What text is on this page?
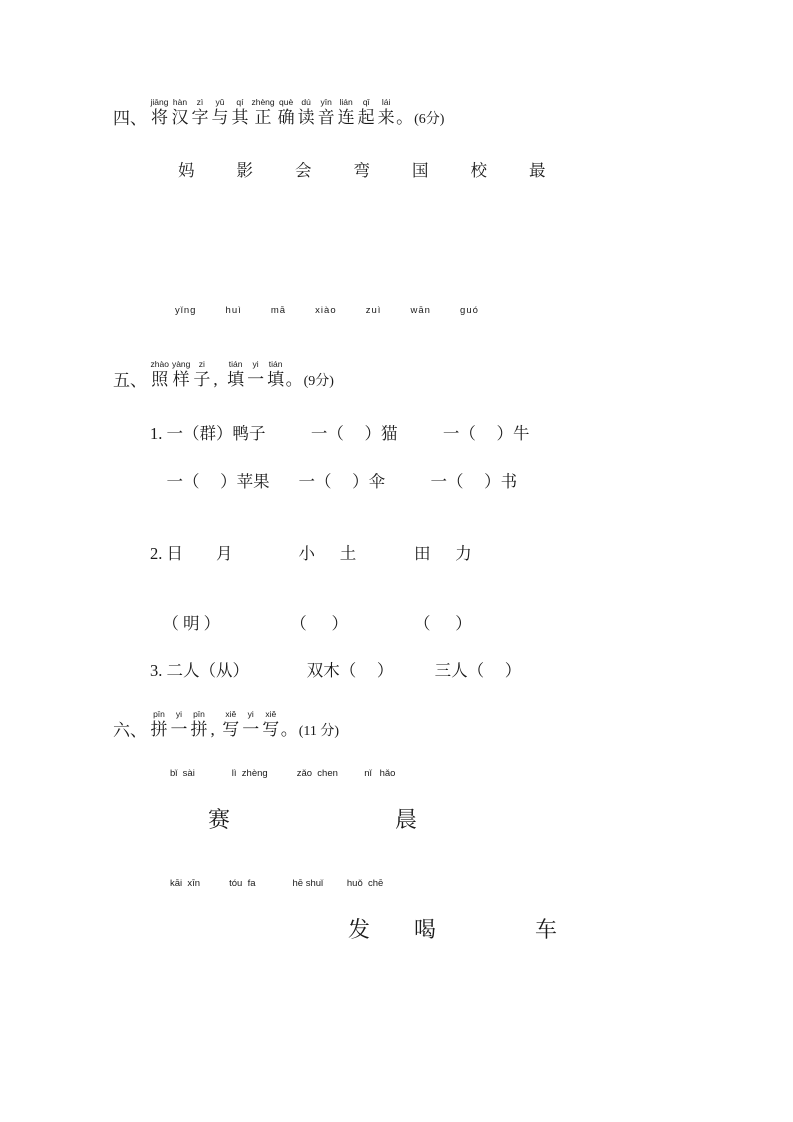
四、
jiāng
将
hàn
汉
zì
字
yǔ
与
qí
其
zhèng
正
què
确
dú
读
yīn
音
lián
连
qǐ
起
lái
来 。 (6分)
妈        影        会        弯        国        校        最
yǐng        huì        mā        xiào        zuì        wān        guó
五、
zhào
照
yàng
样
zi
子 ,
tián
填
yi
一
tián
填 。 (9分)
1. 一（群）鸭子           一（     ）猫           一（     ）牛
一（     ）苹果       一（     ）伞           一（     ）书
2. 日        月                小      土              田      力
（ 明 ）                 （      ）                （      ）
3. 二人（从）              双木（     ）          三人（     ）
六、
pīn
拼
yi
一
pīn
拼 ,
xiě
写
yi
一
xiě
写 。 (11 分)
bǐ  sài              lì  zhèng           zǎo  chen          nǐ   hǎo
赛                              晨
kāi  xīn           tóu  fa              hē shuǐ         huǒ  chē
发        喝                  车
